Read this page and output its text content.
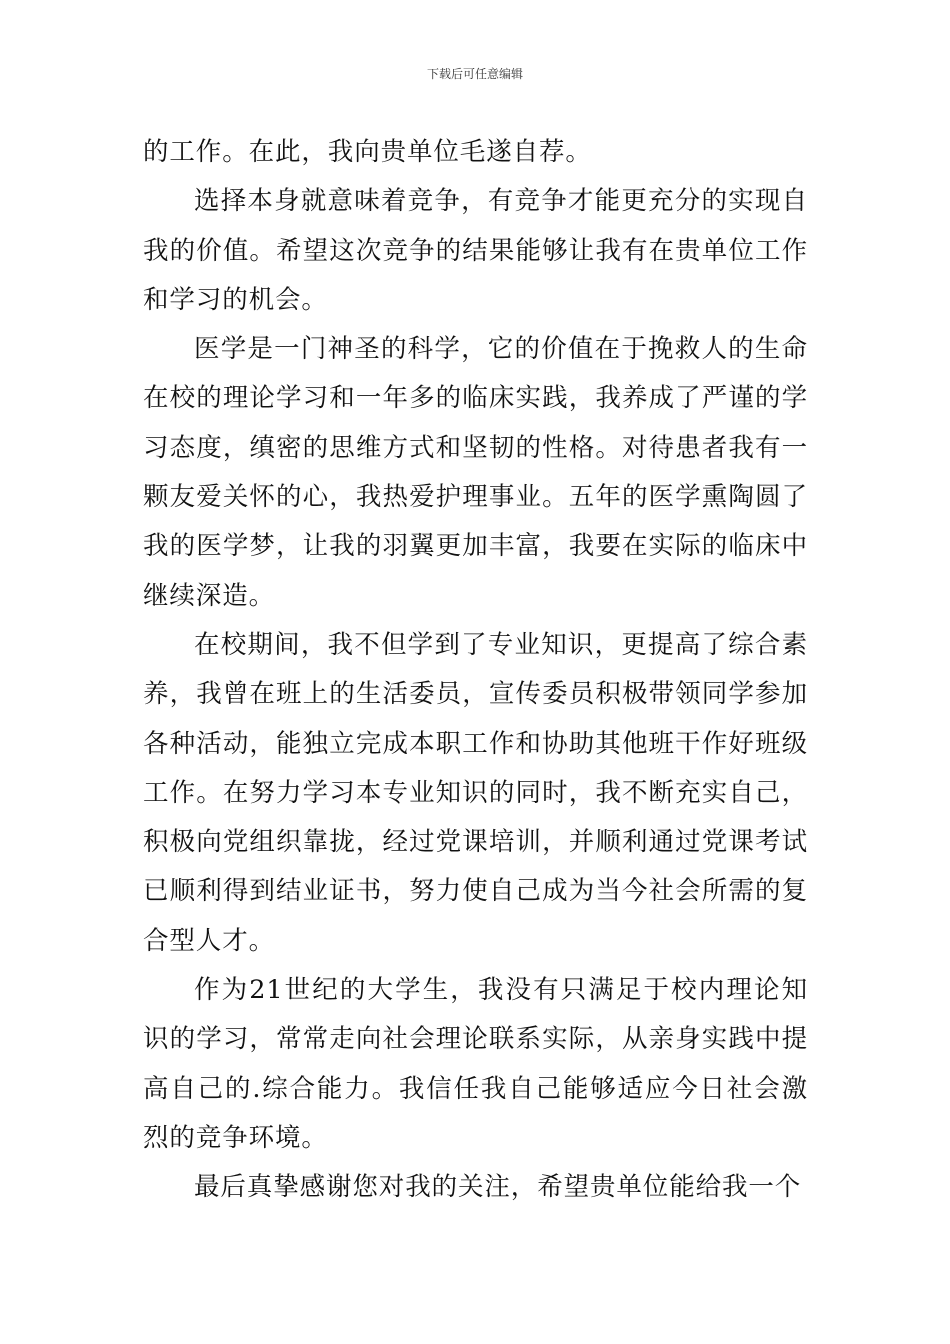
下载后可任意编辑

的工作。在此，我向贵单位毛遂自荐。

选择本身就意味着竞争，有竞争才能更充分的实现自我的价值。希望这次竞争的结果能够让我有在贵单位工作和学习的机会。

医学是一门神圣的科学，它的价值在于挽救人的生命在校的理论学习和一年多的临床实践，我养成了严谨的学习态度，缜密的思维方式和坚韧的性格。对待患者我有一颗友爱关怀的心，我热爱护理事业。五年的医学熏陶圆了我的医学梦，让我的羽翼更加丰富，我要在实际的临床中继续深造。

在校期间，我不但学到了专业知识，更提高了综合素养，我曾在班上的生活委员，宣传委员积极带领同学参加各种活动，能独立完成本职工作和协助其他班干作好班级工作。在努力学习本专业知识的同时，我不断充实自己，积极向党组织靠拢，经过党课培训，并顺利通过党课考试已顺利得到结业证书，努力使自己成为当今社会所需的复合型人才。

作为21世纪的大学生，我没有只满足于校内理论知识的学习，常常走向社会理论联系实际，从亲身实践中提高自己的.综合能力。我信任我自己能够适应今日社会激烈的竞争环境。

最后真挚感谢您对我的关注，希望贵单位能给我一个
